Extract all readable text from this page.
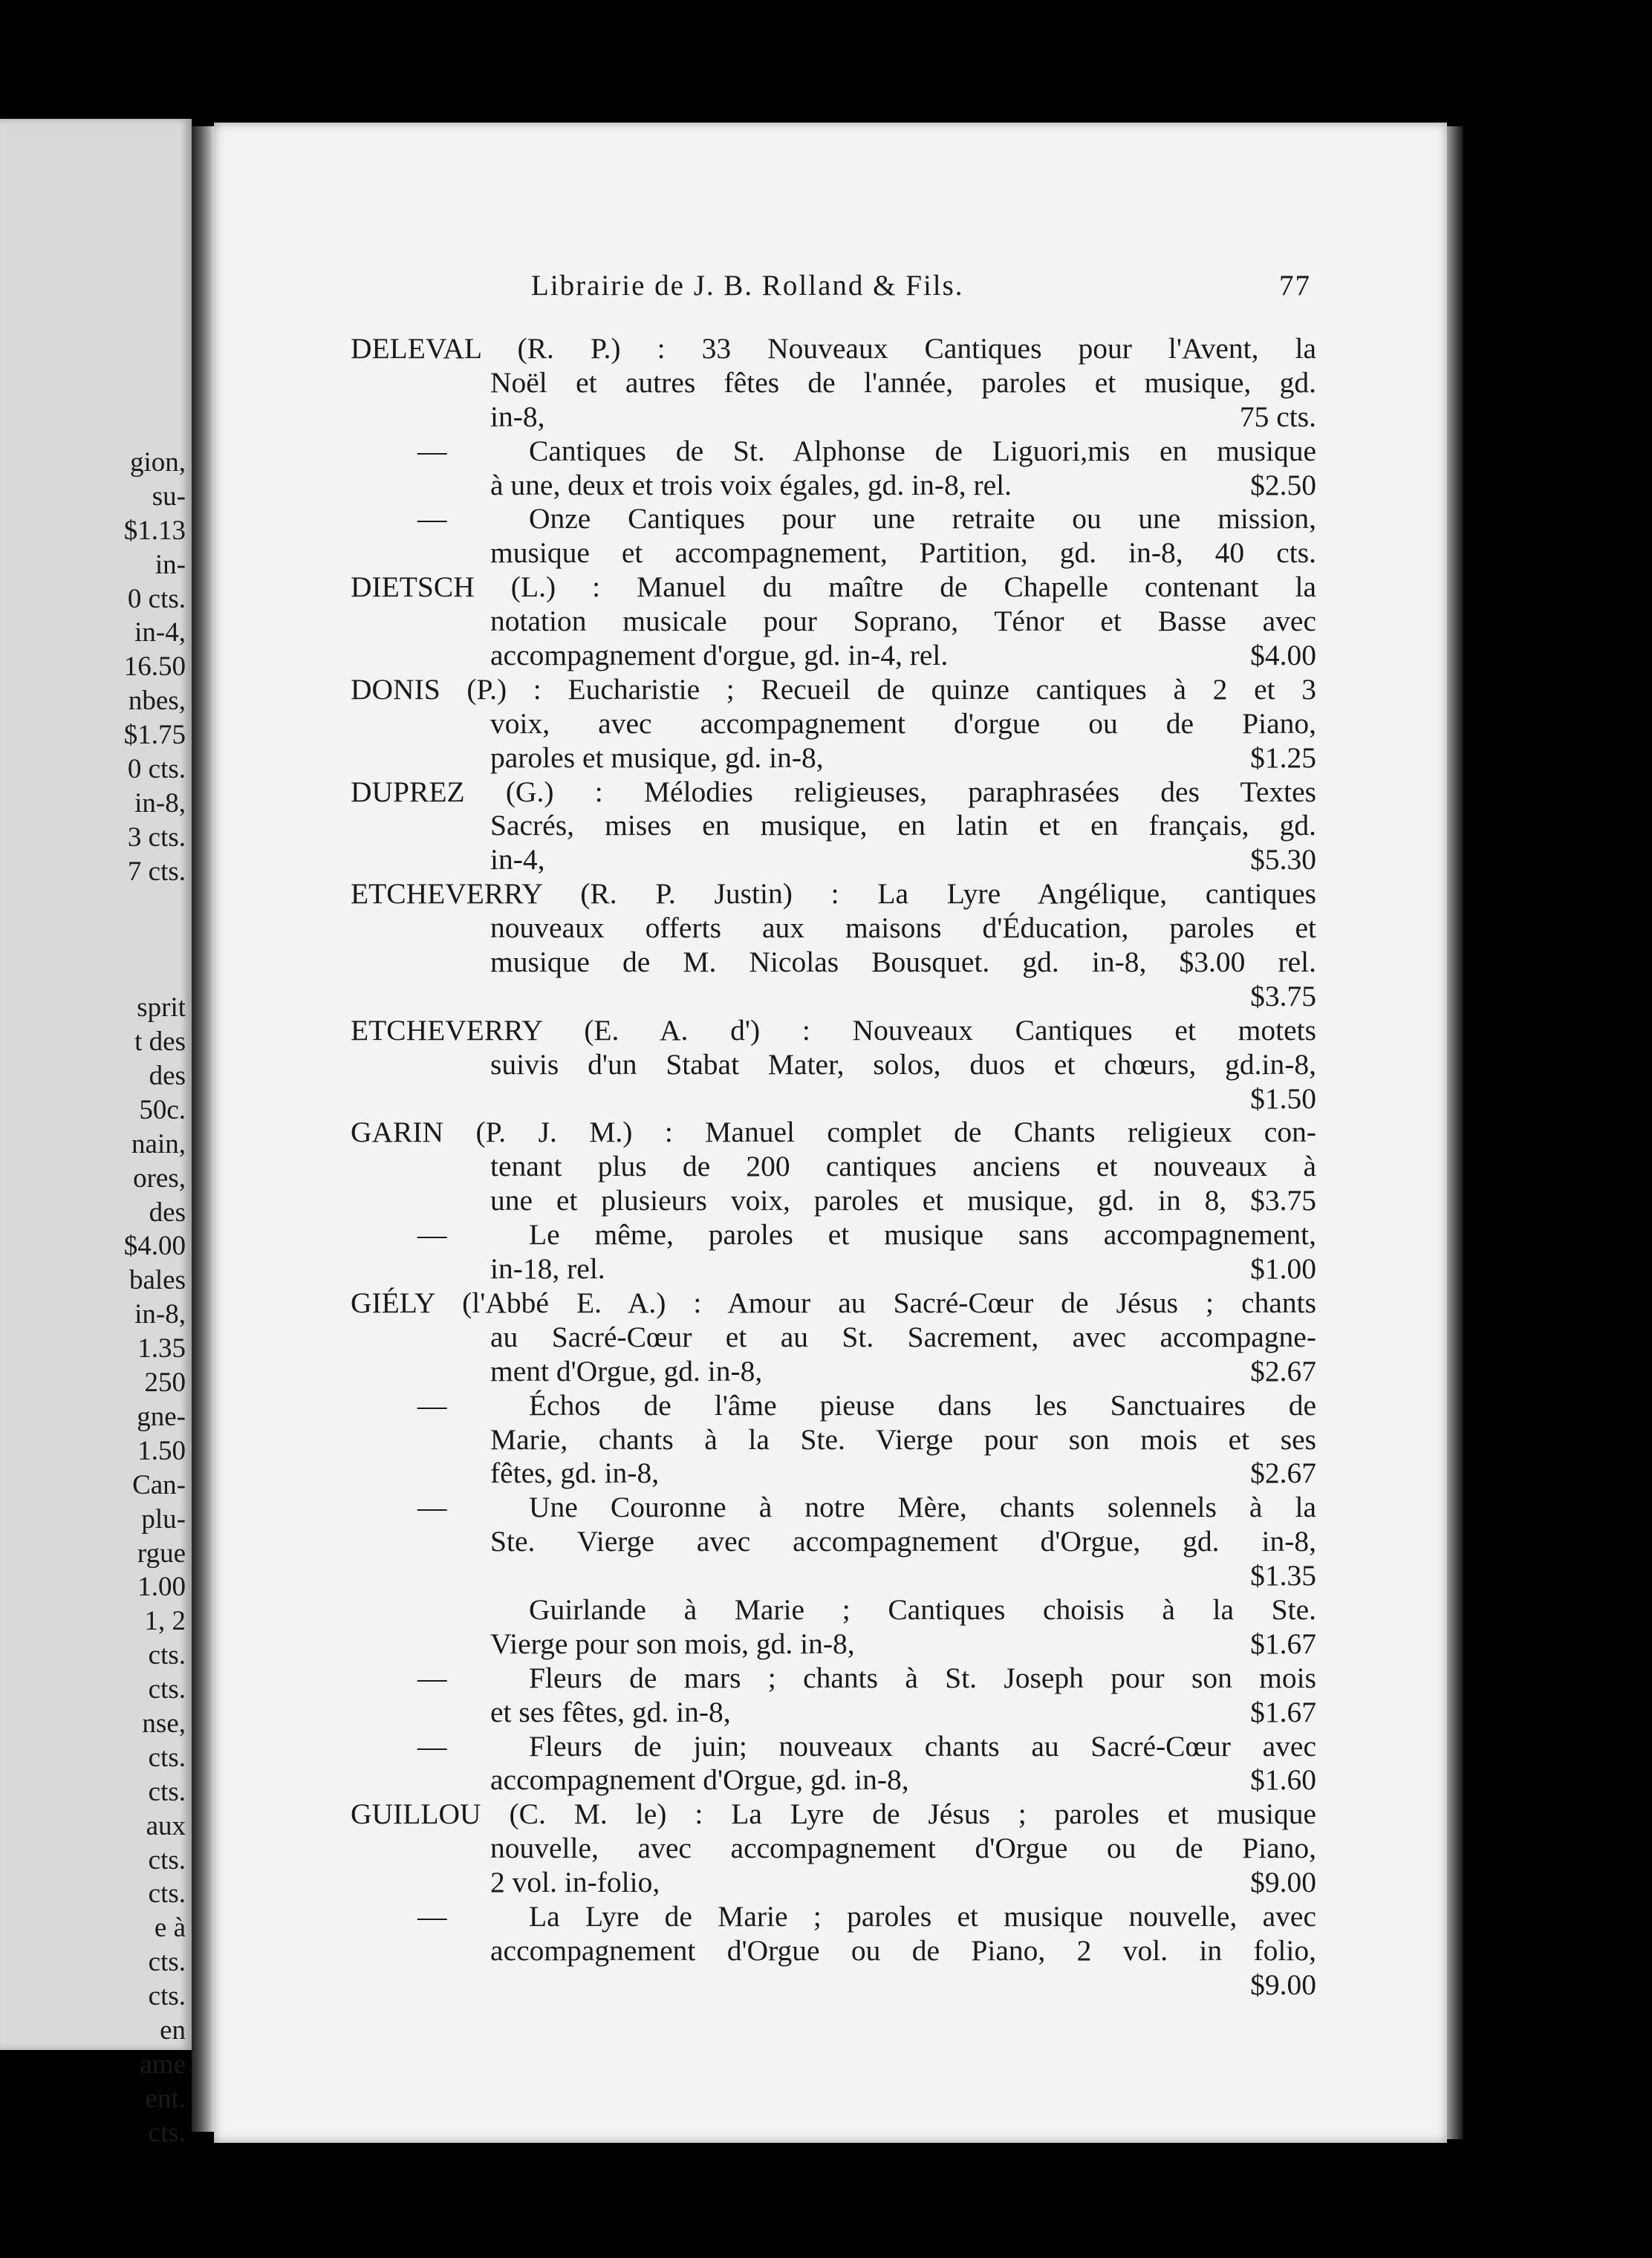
gion,
su-
$1.13
in-
0 cts.
in-4,
16.50
nbes,
$1.75
0 cts.
in-8,
3 cts.
7 cts.
sprit
t des
des
50c.
nain,
ores,
des
$4.00
bales
in-8,
1.35
250
gne-
1.50
Can-
plu-
rgue
1.00
1, 2
cts.
cts.
nse,
cts.
cts.
aux
cts.
cts.
e à
cts.
cts.
en
ame
ent.
cts.
Librairie de J. B. Rolland & Fils.	77
DELEVAL (R. P.) : 33 Nouveaux Cantiques pour l'Avent, la
Noël et autres fêtes de l'année, paroles et musique, gd.
in-8,	75 cts.
—	Cantiques de St. Alphonse de Liguori,mis en musique
à une, deux et trois voix égales, gd. in-8, rel.	$2.50
—	Onze Cantiques pour une retraite ou une mission,
musique et accompagnement, Partition, gd. in-8, 40 cts.
DIETSCH (L.) : Manuel du maître de Chapelle contenant la
notation musicale pour Soprano, Ténor et Basse avec
accompagnement d'orgue, gd. in-4, rel.	$4.00
DONIS (P.) : Eucharistie ; Recueil de quinze cantiques à 2 et 3
voix, avec accompagnement d'orgue ou de Piano,
paroles et musique, gd. in-8,	$1.25
DUPREZ (G.) : Mélodies religieuses, paraphrasées des Textes
Sacrés, mises en musique, en latin et en français, gd.
in-4,	$5.30
ETCHEVERRY (R. P. Justin) : La Lyre Angélique, cantiques
nouveaux offerts aux maisons d'Éducation, paroles et
musique de M. Nicolas Bousquet. gd. in-8, $3.00 rel.
$3.75
ETCHEVERRY (E. A. d') : Nouveaux Cantiques et motets
suivis d'un Stabat Mater, solos, duos et chœurs, gd.in-8,
$1.50
GARIN (P. J. M.) : Manuel complet de Chants religieux con-
tenant plus de 200 cantiques anciens et nouveaux à
une et plusieurs voix, paroles et musique, gd. in 8, $3.75
—	Le même, paroles et musique sans accompagnement,
in-18, rel.	$1.00
GIÉLY (l'Abbé E. A.) : Amour au Sacré-Cœur de Jésus ; chants
au Sacré-Cœur et au St. Sacrement, avec accompagne-
ment d'Orgue, gd. in-8,	$2.67
—	Échos de l'âme pieuse dans les Sanctuaires de
Marie, chants à la Ste. Vierge pour son mois et ses
fêtes, gd. in-8,	$2.67
—	Une Couronne à notre Mère, chants solennels à la
Ste. Vierge avec accompagnement d'Orgue, gd. in-8,
$1.35
Guirlande à Marie ; Cantiques choisis à la Ste.
Vierge pour son mois, gd. in-8,	$1.67
—	Fleurs de mars ; chants à St. Joseph pour son mois
et ses fêtes, gd. in-8,	$1.67
—	Fleurs de juin; nouveaux chants au Sacré-Cœur avec
accompagnement d'Orgue, gd. in-8,	$1.60
GUILLOU (C. M. le) : La Lyre de Jésus ; paroles et musique
nouvelle, avec accompagnement d'Orgue ou de Piano,
2 vol. in-folio,	$9.00
—	La Lyre de Marie ; paroles et musique nouvelle, avec
accompagnement d'Orgue ou de Piano, 2 vol. in folio,
$9.00
